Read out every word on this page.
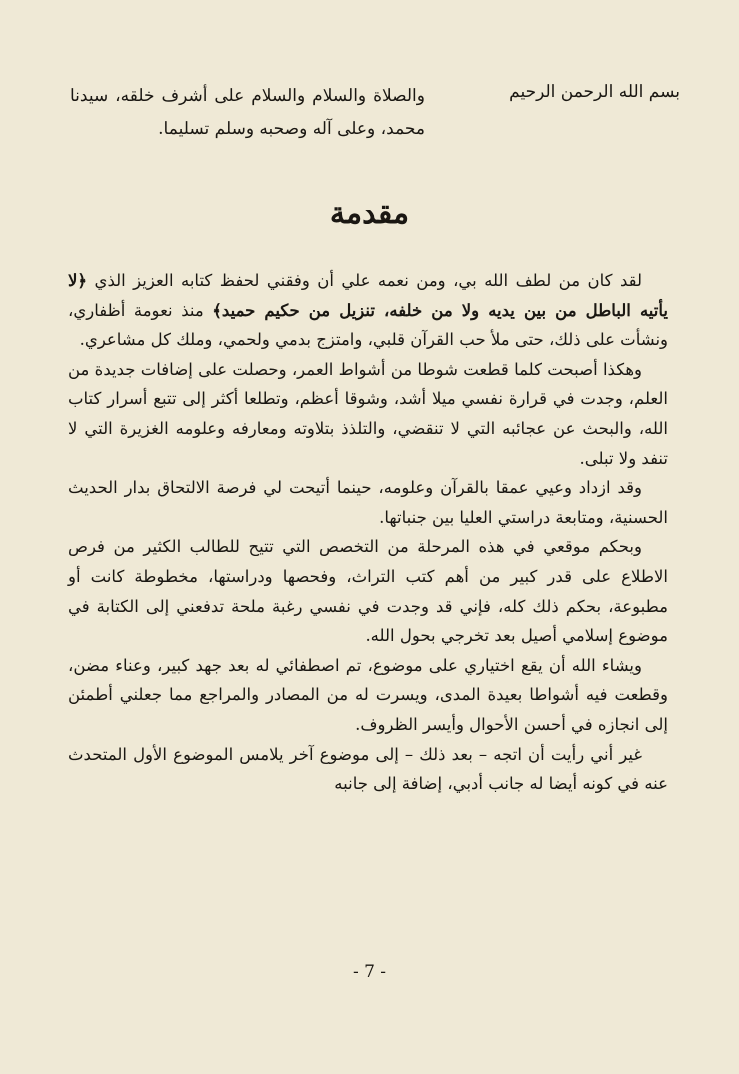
بسم الله الرحمن الرحيم
والصلاة والسلام والسلام على أشرف خلقه، سيدنا محمد، وعلى آله وصحبه وسلم تسليما.
مقدمة

لقد كان من لطف الله بي، ومن نعمه علي أن وفقني لحفظ كتابه العزيز الذي ﴿لا يأتيه الباطل من بين يديه ولا من خلفه، تنزيل من حكيم حميد﴾ منذ نعومة أظفاري، ونشأت على ذلك، حتى ملأ حب القرآن قلبي، وامتزج بدمي ولحمي، وملك كل مشاعري.

وهكذا أصبحت كلما قطعت شوطا من أشواط العمر، وحصلت على إضافات جديدة من العلم، وجدت في قرارة نفسي ميلا أشد، وشوقا أعظم، وتطلعا أكثر إلى تتبع أسرار كتاب الله، والبحث عن عجائبه التي لا تنقضي، والتلذذ بتلاوته ومعارفه وعلومه الغزيرة التي لا تنفد ولا تبلى.

وقد ازداد وعيي عمقا بالقرآن وعلومه، حينما أتيحت لي فرصة الالتحاق بدار الحديث الحسنية، ومتابعة دراستي العليا بين جنباتها.

وبحكم موقعي في هذه المرحلة من التخصص التي تتيح للطالب الكثير من فرص الاطلاع على قدر كبير من أهم كتب التراث، وفحصها ودراستها، مخطوطة كانت أو مطبوعة، بحكم ذلك كله، فإني قد وجدت في نفسي رغبة ملحة تدفعني إلى الكتابة في موضوع إسلامي أصيل بعد تخرجي بحول الله.

ويشاء الله أن يقع اختياري على موضوع، تم اصطفائي له بعد جهد كبير، وعناء مضن، وقطعت فيه أشواطا بعيدة المدى، ويسرت له من المصادر والمراجع مما جعلني أطمئن إلى انجازه في أحسن الأحوال وأيسر الظروف.

غير أني رأيت أن اتجه – بعد ذلك – إلى موضوع آخر يلامس الموضوع الأول المتحدث عنه في كونه أيضا له جانب أدبي، إضافة إلى جانبه

- 7 -
